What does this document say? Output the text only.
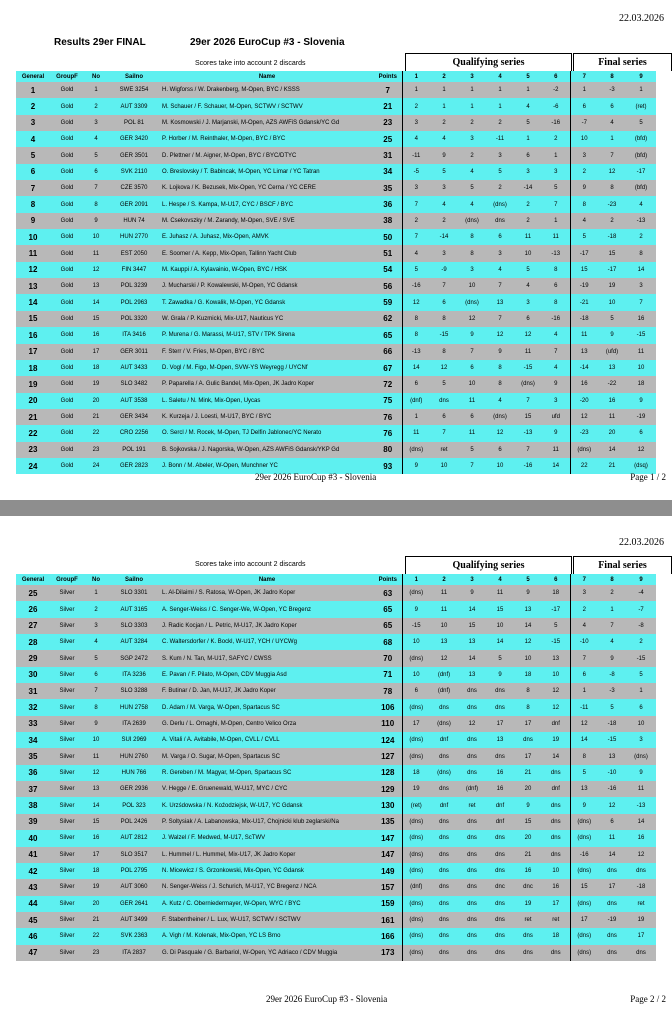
22.03.2026
Results 29er FINAL	29er 2026 EuroCup #3 - Slovenia
Scores take into account 2 discards	Qualifying series	Final series
General	GroupF	No	Sailno	Name	Points	1	2	3	4	5	6	7	8	9
1	Gold	1	SWE 3254	H. Wigforss / W. Drakenberg, M-Open, BYC / KSSS	7	1	1	1	1	1	-2	1	-3	1
2	Gold	2	AUT 3309	M. Schauer / F. Schauer, M-Open, SCTWV / SCTWV	21	2	1	1	1	4	-6	6	6	(ret)
3	Gold	3	POL 81	M. Kosmowski / J. Marjanski, M-Open, AZS AWFiS Gdansk/YC Gd	23	3	2	2	2	5	-16	-7	4	5
4	Gold	4	GER 3420	P. Horber / M. Reinthaler, M-Open, BYC / BYC	25	4	4	3	-11	1	2	10	1	(bfd)
5	Gold	5	GER 3501	D. Plettner / M. Aigner, M-Open, BYC / BYC/DTYC	31	-11	9	2	3	6	1	3	7	(bfd)
6	Gold	6	SVK 2110	O. Breslovsky / T. Babincak, M-Open, YC Limar / YC Tatran	34	-5	5	4	5	3	3	2	12	-17
7	Gold	7	CZE 3570	K. Lojkova / K. Bezusek, Mix-Open, YC Cerna / YC CERE	35	3	3	5	2	-14	5	9	8	(bfd)
8	Gold	8	GER 2091	L. Hespe / S. Kampa, M-U17, CYC / BSCF / BYC	36	7	4	4	(dns)	2	7	8	-23	4
9	Gold	9	HUN 74	M. Csekovszky / M. Zarandy, M-Open, SVE / SVE	38	2	2	(dns)	dns	2	1	4	2	-13
10	Gold	10	HUN 2770	E. Juhasz / A. Juhasz, Mix-Open, AMVK	50	7	-14	8	6	11	11	5	-18	2
11	Gold	11	EST 2050	E. Soomer / A. Kepp, Mix-Open, Tallinn Yacht Club	51	4	3	8	3	10	-13	-17	15	8
12	Gold	12	FIN 3447	M. Kauppi / A. Kylavainio, W-Open, BYC / HSK	54	5	-9	3	4	5	8	15	-17	14
13	Gold	13	POL 3239	J. Mucharski / P. Kowalewski, M-Open, YC Gdansk	56	-16	7	10	7	4	6	-19	19	3
14	Gold	14	POL 2963	T. Zawadka / G. Kowalik, M-Open, YC Gdansk	59	12	6	(dns)	13	3	8	-21	10	7
15	Gold	15	POL 3320	W. Grala / P. Kuzmicki, Mix-U17, Nauticus YC	62	8	8	12	7	6	-16	-18	5	16
16	Gold	16	ITA 3416	P. Murena / G. Marassi, M-U17, STV / TPK Sirena	65	8	-15	9	12	12	4	11	9	-15
17	Gold	17	GER 3011	F. Sterr / V. Fries, M-Open, BYC / BYC	66	-13	8	7	9	11	7	13	(ufd)	11
18	Gold	18	AUT 3433	D. Vogl / M. Figo, M-Open, SVW-YS Weyregg / UYCNf	67	14	12	6	8	-15	4	-14	13	10
19	Gold	19	SLO 3482	P. Paparella / A. Gulic Bandel, Mix-Open, JK Jadro Koper	72	6	5	10	8	(dns)	9	16	-22	18
20	Gold	20	AUT 3538	L. Saletu / N. Mink, Mix-Open, Uycas	75	(dnf)	dns	11	4	7	3	-20	16	9
21	Gold	21	GER 3434	K. Kurzeja / J. Loesti, M-U17, BYC / BYC	76	1	6	6	(dns)	15	ufd	12	11	-19
22	Gold	22	CRO 2256	O. Sercl / M. Rocek, M-Open, TJ Delfin Jablonec/YC Nerato	76	11	7	11	12	-13	9	-23	20	6
23	Gold	23	POL 191	B. Sojkovska / J. Nagorska, W-Open, AZS AWFiS Gdansk/YKP Gd	80	(dns)	ret	5	6	7	11	(dns)	14	12
24	Gold	24	GER 2823	J. Bonn / M. Abeler, W-Open, Munchner YC	93	9	10	7	10	-16	14	22	21	(dsq)
29er 2026 EuroCup #3 - Slovenia	Page 1 / 2
22.03.2026
Scores take into account 2 discards	Qualifying series	Final series
General	GroupF	No	Sailno	Name	Points	1	2	3	4	5	6	7	8	9
25	Silver	1	SLO 3301	L. Al-Dilaimi / S. Ratosa, W-Open, JK Jadro Koper	63	(dns)	11	9	11	9	18	3	2	-4
26	Silver	2	AUT 3165	A. Senger-Weiss / C. Senger-We, W-Open, YC Bregenz	65	9	11	14	15	13	-17	2	1	-7
27	Silver	3	SLO 3303	J. Radic Kocjan / L. Petric, M-U17, JK Jadro Koper	65	-15	10	15	10	14	5	4	7	-8
28	Silver	4	AUT 3284	C. Waltersdorfer / K. Bockl, W-U17, YCH / UYCWg	68	10	13	13	14	12	-15	-10	4	2
29	Silver	5	SGP 2472	S. Kum / N. Tan, M-U17, SAFYC / CWSS	70	(dns)	12	14	5	10	13	7	9	-15
30	Silver	6	ITA 3236	E. Pavan / F. Pilato, M-Open, CDV Muggia Asd	71	10	(dnf)	13	9	18	10	6	-8	5
31	Silver	7	SLO 3288	F. Butinar / D. Jan, M-U17, JK Jadro Koper	78	6	(dnf)	dns	dns	8	12	1	-3	1
32	Silver	8	HUN 2758	D. Adam / M. Varga, W-Open, Spartacus SC	106	(dns)	dns	dns	dns	8	12	-11	5	6
33	Silver	9	ITA 2639	G. Derlu / L. Ornaghi, M-Open, Centro Velico Orza	110	17	(dns)	12	17	17	dnf	12	-18	10
34	Silver	10	SUI 2969	A. Vitali / A. Avitabile, M-Open, CVLL / CVLL	124	(dns)	dnf	dns	13	dns	19	14	-15	3
35	Silver	11	HUN 2760	M. Varga / O. Sugar, M-Open, Spartacus SC	127	(dns)	dns	dns	dns	17	14	8	13	(dns)
36	Silver	12	HUN 766	R. Gereben / M. Magyar, M-Open, Spartacus SC	128	18	(dns)	dns	16	21	dns	5	-10	9
37	Silver	13	GER 2936	V. Hegge / E. Gruenewald, W-U17, MYC / CYC	129	19	dns	(dnf)	16	20	dnf	13	-16	11
38	Silver	14	POL 323	K. Urzśdowska / N. Koźodziejsk, W-U17, YC Gdansk	130	(ret)	dnf	ret	dnf	9	dns	9	12	-13
39	Silver	15	POL 2426	P. Soltysiak / A. Labanowska, Mix-U17, Chojnicki klub zeglarski/Na	135	(dns)	dns	dns	dnf	15	dns	(dns)	6	14
40	Silver	16	AUT 2812	J. Walzel / F. Medwed, M-U17, ScTWV	147	(dns)	dns	dns	dns	20	dns	(dns)	11	16
41	Silver	17	SLO 3517	L. Hummel / L. Hummel, Mix-U17, JK Jadro Koper	147	(dns)	dns	dns	dns	21	dns	-16	14	12
42	Silver	18	POL 2795	N. Micewicz / S. Grzonkowski, Mix-Open, YC Gdansk	149	(dns)	dns	dns	dns	16	10	(dns)	dns	dns
43	Silver	19	AUT 3060	N. Senger-Weiss / J. Schurich, M-U17, YC Bregenz / NCA	157	(dnf)	dns	dns	dnc	dnc	16	15	17	-18
44	Silver	20	GER 2641	A. Kutz / C. Oberniedermayer, W-Open, WYC / BYC	159	(dns)	dns	dns	dns	19	17	(dns)	dns	ret
45	Silver	21	AUT 3499	F. Stabentheiner / L. Lux, W-U17, SCTWV / SCTWV	161	(dns)	dns	dns	dns	ret	ret	17	-19	19
46	Silver	22	SVK 2363	A. Vigh / M. Kolenak, Mix-Open, YC LS Brno	166	(dns)	dns	dns	dns	dns	18	(dns)	dns	17
47	Silver	23	ITA 2837	G. Di Pasquale / G. Barbariol, W-Open, YC Adriaco / CDV Muggia	173	(dns)	dns	dns	dns	dns	dns	(dns)	dns	dns
29er 2026 EuroCup #3 - Slovenia	Page 2 / 2
